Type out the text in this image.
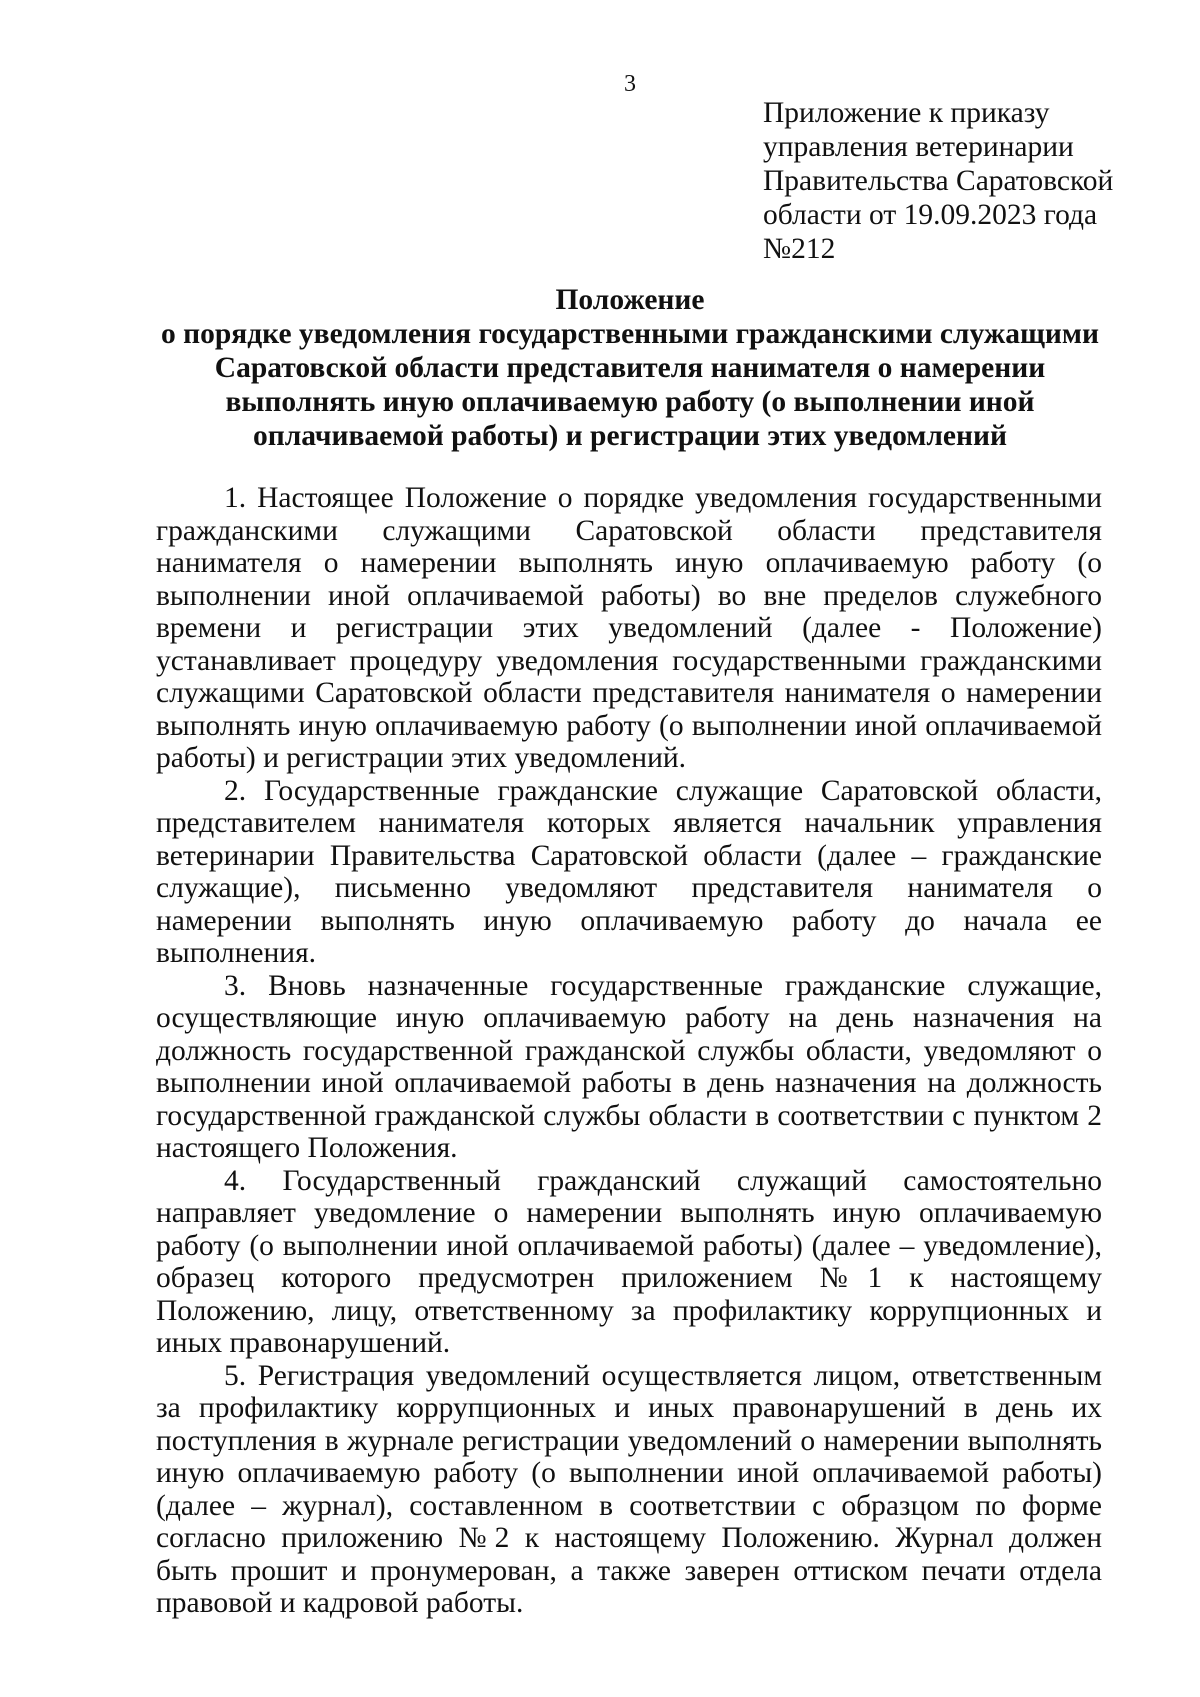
3
Приложение к приказу
управления ветеринарии
Правительства Саратовской
области от 19.09.2023 года
№212
Положение
о порядке уведомления государственными гражданскими служащими
Саратовской области представителя нанимателя о намерении
выполнять иную оплачиваемую работу (о выполнении иной
оплачиваемой работы) и регистрации этих уведомлений

1. Настоящее Положение о порядке уведомления государственными гражданскими служащими Саратовской области представителя нанимателя о намерении выполнять иную оплачиваемую работу (о выполнении иной оплачиваемой работы) во вне пределов служебного времени и регистрации этих уведомлений (далее - Положение) устанавливает процедуру уведомления государственными гражданскими служащими Саратовской области представителя нанимателя о намерении выполнять иную оплачиваемую работу (о выполнении иной оплачиваемой работы) и регистрации этих уведомлений.

2. Государственные гражданские служащие Саратовской области, представителем нанимателя которых является начальник управления ветеринарии Правительства Саратовской области (далее – гражданские служащие), письменно уведомляют представителя нанимателя о намерении выполнять иную оплачиваемую работу до начала ее выполнения.

3. Вновь назначенные государственные гражданские служащие, осуществляющие иную оплачиваемую работу на день назначения на должность государственной гражданской службы области, уведомляют о выполнении иной оплачиваемой работы в день назначения на должность государственной гражданской службы области в соответствии с пунктом 2 настоящего Положения.

4. Государственный гражданский служащий самостоятельно направляет уведомление о намерении выполнять иную оплачиваемую работу (о выполнении иной оплачиваемой работы) (далее – уведомление), образец которого предусмотрен приложением №1 к настоящему Положению, лицу, ответственному за профилактику коррупционных и иных правонарушений.

5. Регистрация уведомлений осуществляется лицом, ответственным за профилактику коррупционных и иных правонарушений в день их поступления в журнале регистрации уведомлений о намерении выполнять иную оплачиваемую работу (о выполнении иной оплачиваемой работы) (далее – журнал), составленном в соответствии с образцом по форме согласно приложению №2 к настоящему Положению. Журнал должен быть прошит и пронумерован, а также заверен оттиском печати отдела правовой и кадровой работы.
